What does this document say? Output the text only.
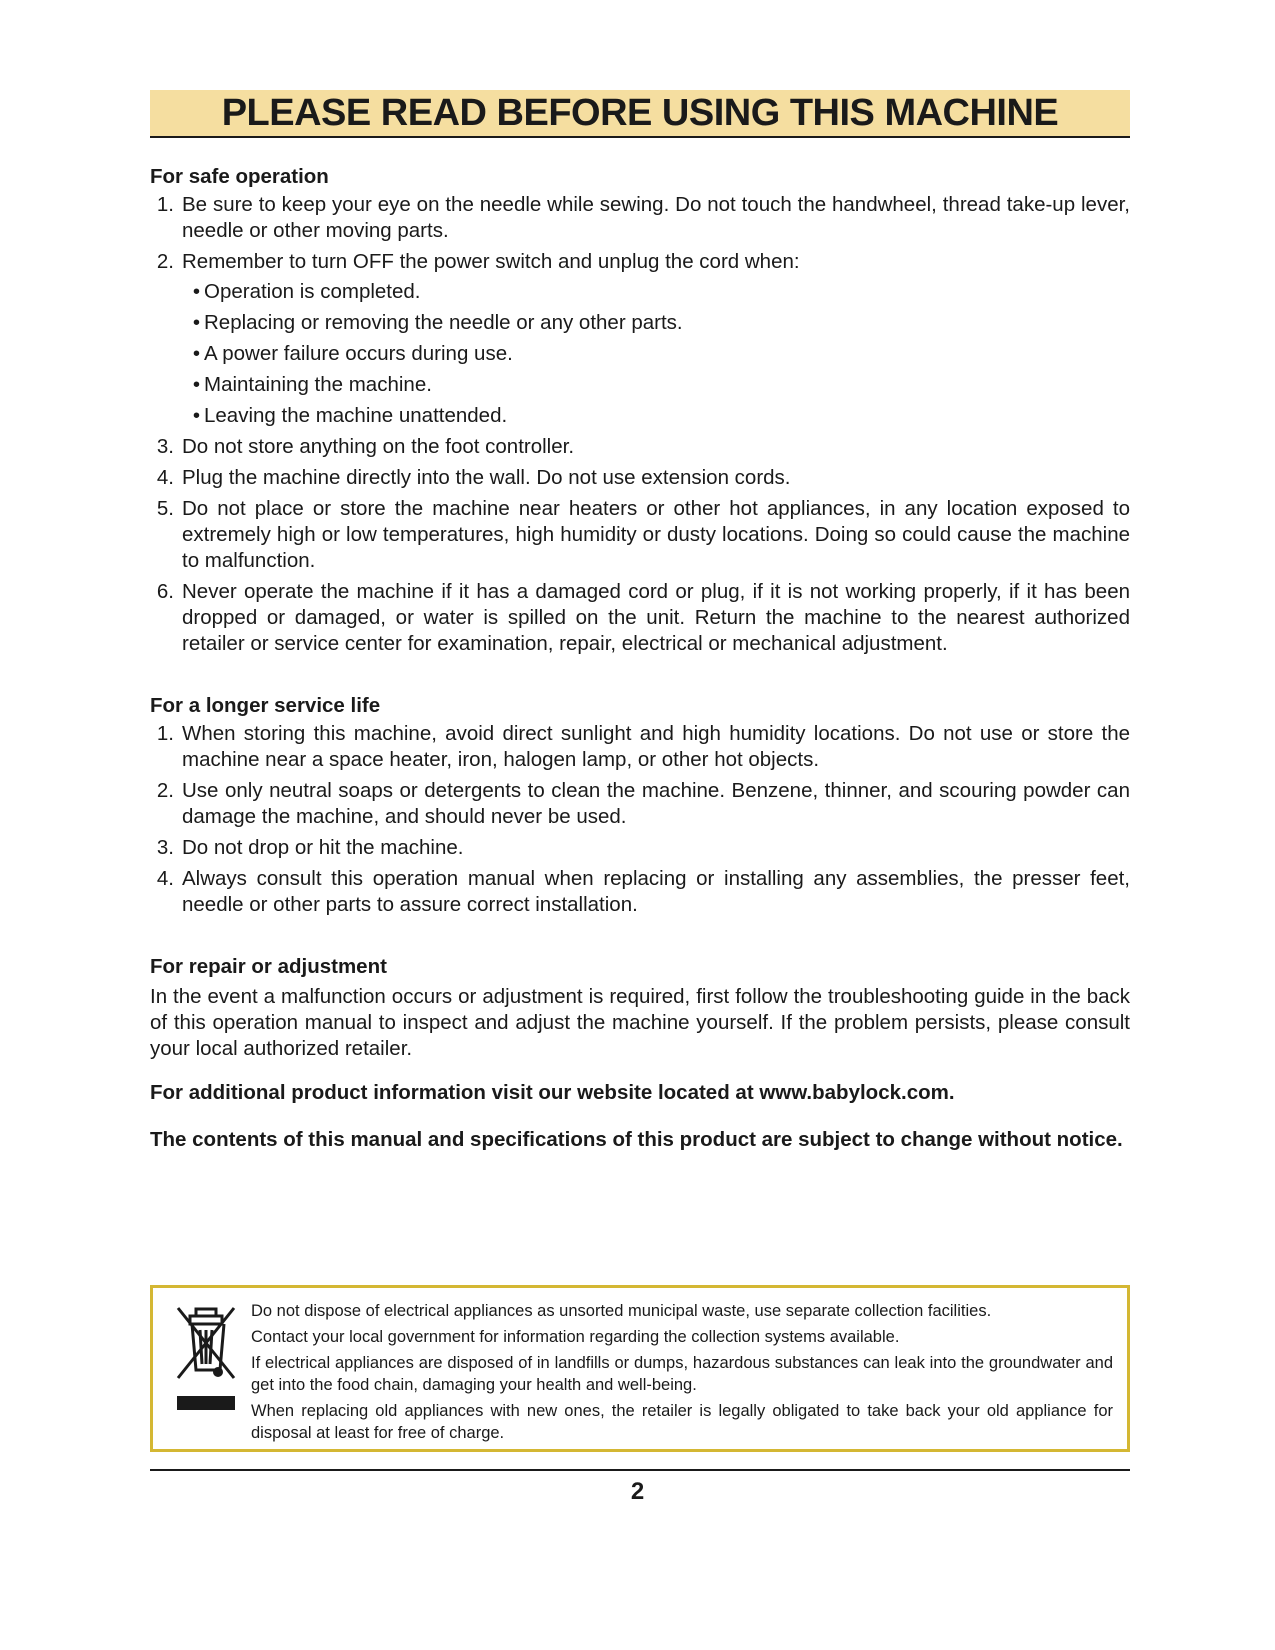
PLEASE READ BEFORE USING THIS MACHINE
For safe operation
1. Be sure to keep your eye on the needle while sewing. Do not touch the handwheel, thread take-up lever, needle or other moving parts.
2. Remember to turn OFF the power switch and unplug the cord when:
• Operation is completed.
• Replacing or removing the needle or any other parts.
• A power failure occurs during use.
• Maintaining the machine.
• Leaving the machine unattended.
3. Do not store anything on the foot controller.
4. Plug the machine directly into the wall. Do not use extension cords.
5. Do not place or store the machine near heaters or other hot appliances, in any location exposed to extremely high or low temperatures, high humidity or dusty locations. Doing so could cause the machine to malfunction.
6. Never operate the machine if it has a damaged cord or plug, if it is not working properly, if it has been dropped or damaged, or water is spilled on the unit. Return the machine to the nearest authorized retailer or service center for examination, repair, electrical or mechanical adjustment.
For a longer service life
1. When storing this machine, avoid direct sunlight and high humidity locations. Do not use or store the machine near a space heater, iron, halogen lamp, or other hot objects.
2. Use only neutral soaps or detergents to clean the machine. Benzene, thinner, and scouring powder can damage the machine, and should never be used.
3. Do not drop or hit the machine.
4. Always consult this operation manual when replacing or installing any assemblies, the presser feet, needle or other parts to assure correct installation.
For repair or adjustment

In the event a malfunction occurs or adjustment is required, first follow the troubleshooting guide in the back of this operation manual to inspect and adjust the machine yourself. If the problem persists, please consult your local authorized retailer.

For additional product information visit our website located at www.babylock.com.

The contents of this manual and specifications of this product are subject to change without notice.

Do not dispose of electrical appliances as unsorted municipal waste, use separate collection facilities.

Contact your local government for information regarding the collection systems available.

If electrical appliances are disposed of in landfills or dumps, hazardous substances can leak into the groundwater and get into the food chain, damaging your health and well-being.

When replacing old appliances with new ones, the retailer is legally obligated to take back your old appliance for disposal at least for free of charge.

2
